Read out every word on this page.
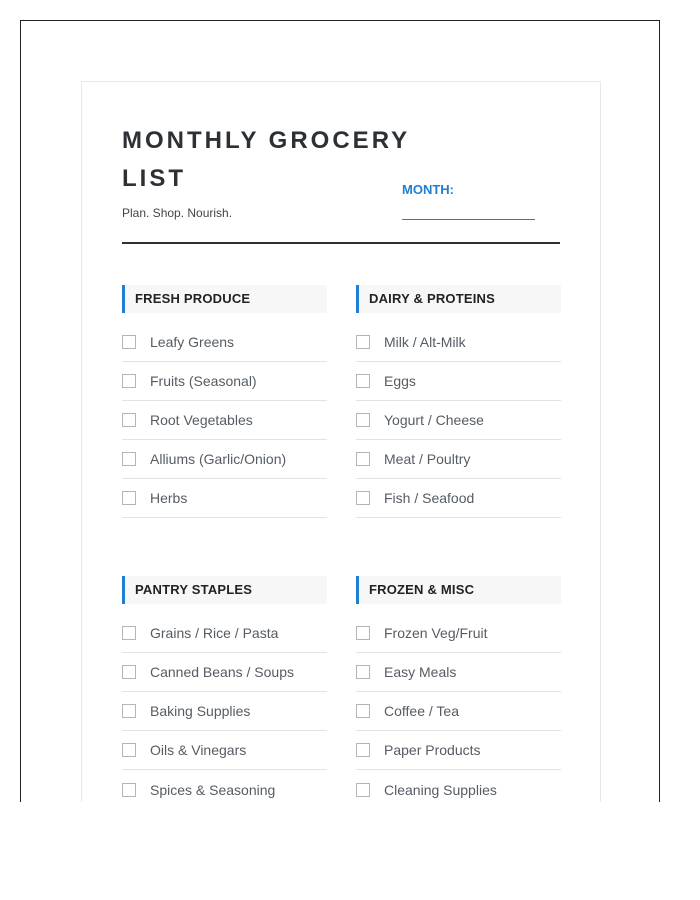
MONTHLY GROCERY LIST

Plan. Shop. Nourish.

MONTH:
FRESH PRODUCE
Leafy Greens
Fruits (Seasonal)
Root Vegetables
Alliums (Garlic/Onion)
Herbs
DAIRY & PROTEINS
Milk / Alt-Milk
Eggs
Yogurt / Cheese
Meat / Poultry
Fish / Seafood
PANTRY STAPLES
Grains / Rice / Pasta
Canned Beans / Soups
Baking Supplies
Oils & Vinegars
Spices & Seasoning
FROZEN & MISC
Frozen Veg/Fruit
Easy Meals
Coffee / Tea
Paper Products
Cleaning Supplies
